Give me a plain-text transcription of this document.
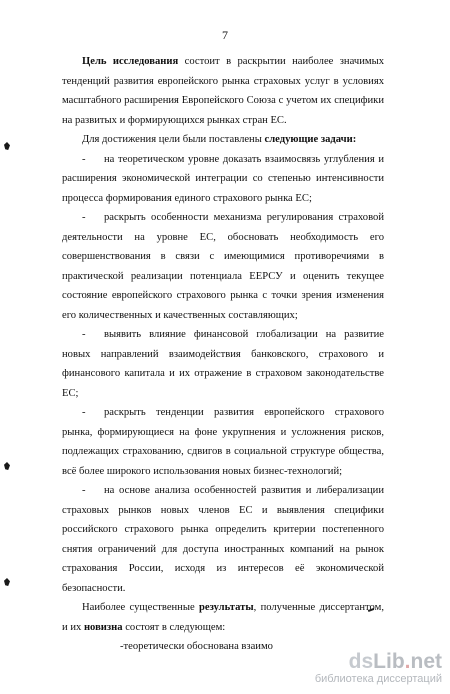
7

Цель исследования состоит в раскрытии наиболее значимых тенденций развития европейского рынка страховых услуг в условиях масштабного расширения Европейского Союза с учетом их специфики на развитых и формирующихся рынках стран ЕС.

Для достижения цели были поставлены следующие задачи:

- на теоретическом уровне доказать взаимосвязь углубления и расширения экономической интеграции со степенью интенсивности процесса формирования единого страхового рынка ЕС;

- раскрыть особенности механизма регулирования страховой деятельности на уровне ЕС, обосновать необходимость его совершенствования в связи с имеющимися противоречиями в практической реализации потенциала ЕЕРСУ и оценить текущее состояние европейского страхового рынка с точки зрения изменения его количественных и качественных составляющих;

- выявить влияние финансовой глобализации на развитие новых направлений взаимодействия банковского, страхового и финансового капитала и их отражение в страховом законодательстве ЕС;

- раскрыть тенденции развития европейского страхового рынка, формирующиеся на фоне укрупнения и усложнения рисков, подлежащих страхованию, сдвигов в социальной структуре общества, всё более широкого использования новых бизнес-технологий;

- на основе анализа особенностей развития и либерализации страховых рынков новых членов ЕС и выявления специфики российского страхового рынка определить критерии постепенного снятия ограничений для доступа иностранных компаний на рынок страхования России, исходя из интересов её экономической безопасности.

Наиболее существенные результаты, полученные диссертантом, и их новизна состоят в следующем:

-теоретически обоснована взаимо

dsLib.net
библиотека диссертаций
